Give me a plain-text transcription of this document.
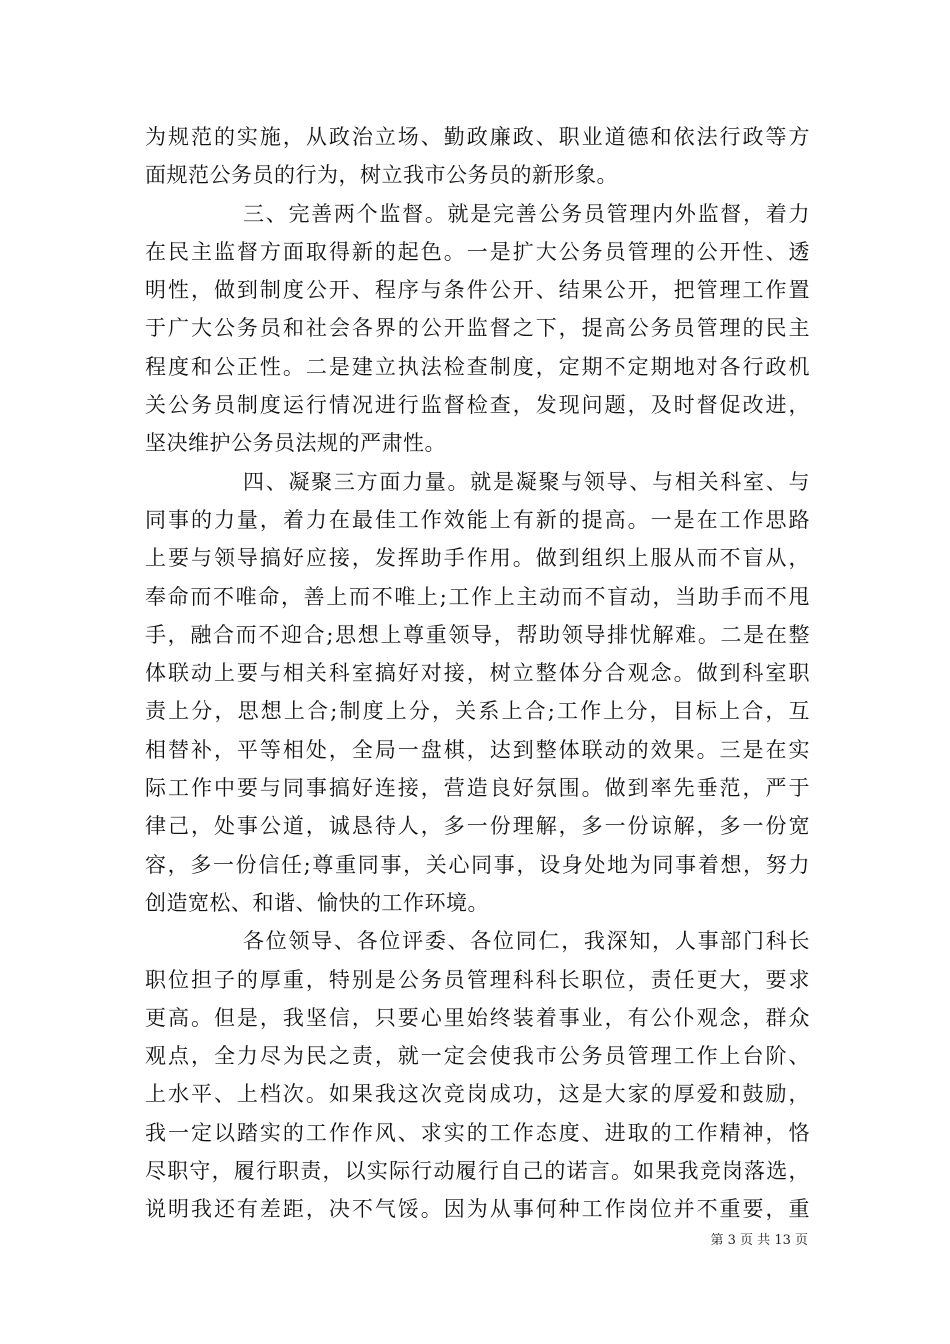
为规范的实施，从政治立场、勤政廉政、职业道德和依法行政等方
面规范公务员的行为，树立我市公务员的新形象。
三、完善两个监督。就是完善公务员管理内外监督，着力
在民主监督方面取得新的起色。一是扩大公务员管理的公开性、透
明性，做到制度公开、程序与条件公开、结果公开，把管理工作置
于广大公务员和社会各界的公开监督之下，提高公务员管理的民主
程度和公正性。二是建立执法检查制度，定期不定期地对各行政机
关公务员制度运行情况进行监督检查，发现问题，及时督促改进，
坚决维护公务员法规的严肃性。
四、凝聚三方面力量。就是凝聚与领导、与相关科室、与
同事的力量，着力在最佳工作效能上有新的提高。一是在工作思路
上要与领导搞好应接，发挥助手作用。做到组织上服从而不盲从，
奉命而不唯命，善上而不唯上;工作上主动而不盲动，当助手而不甩
手，融合而不迎合;思想上尊重领导，帮助领导排忧解难。二是在整
体联动上要与相关科室搞好对接，树立整体分合观念。做到科室职
责上分，思想上合;制度上分，关系上合;工作上分，目标上合，互
相替补，平等相处，全局一盘棋，达到整体联动的效果。三是在实
际工作中要与同事搞好连接，营造良好氛围。做到率先垂范，严于
律己，处事公道，诚恳待人，多一份理解，多一份谅解，多一份宽
容，多一份信任;尊重同事，关心同事，设身处地为同事着想，努力
创造宽松、和谐、愉快的工作环境。
各位领导、各位评委、各位同仁，我深知，人事部门科长
职位担子的厚重，特别是公务员管理科科长职位，责任更大，要求
更高。但是，我坚信，只要心里始终装着事业，有公仆观念，群众
观点，全力尽为民之责，就一定会使我市公务员管理工作上台阶、
上水平、上档次。如果我这次竞岗成功，这是大家的厚爱和鼓励，
我一定以踏实的工作作风、求实的工作态度、进取的工作精神，恪
尽职守，履行职责，以实际行动履行自己的诺言。如果我竞岗落选，
说明我还有差距，决不气馁。因为从事何种工作岗位并不重要，重
第 3 页 共 13 页
